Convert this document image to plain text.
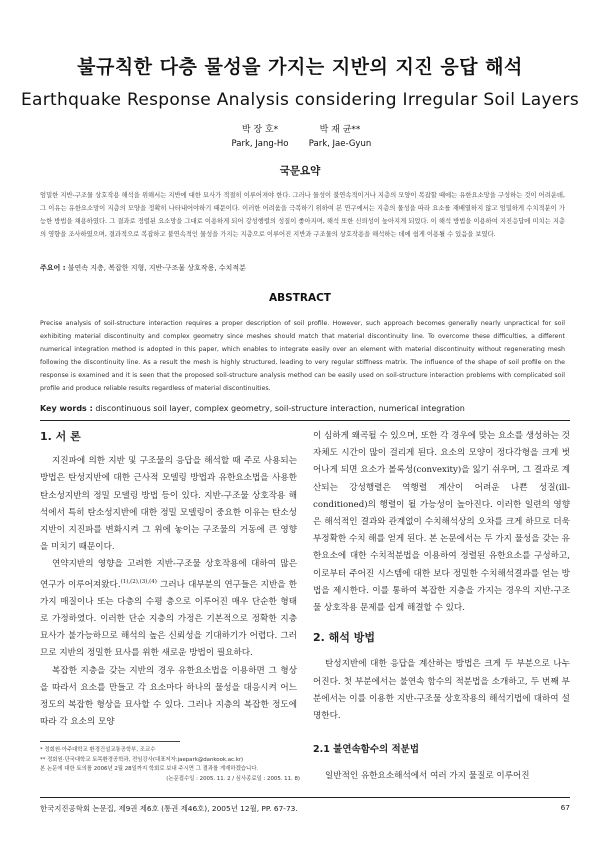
불규칙한 다층 물성을 가지는 지반의 지진 응답 해석
Earthquake Response Analysis considering Irregular Soil Layers
박 장 호*
Park, Jang-Ho
박 재 균**
Park, Jae-Gyun
국문요약
엄밀한 지반-구조물 상호작용 해석을 위해서는 지반에 대한 묘사가 적절히 이루어져야 한다. 그러나 물성이 불연속적이거나 지층의 모양이 복잡할 때에는 유한요소망을 구성하는 것이 어려운데, 그 이유는 유한요소망이 지층의 모양을 정확히 나타내어야하기 때문이다. 이러한 어려움을 극복하기 위하여 본 연구에서는 지층의 물성을 따라 요소를 재배열하지 않고 엄밀하게 수치적분이 가능한 방법을 채용하였다. 그 결과로 정렬된 요소망을 그대로 이용하게 되어 강성행렬의 성질이 좋아지며, 해석 또한 신뢰성이 높아지게 되었다. 이 해석 방법을 이용하여 지진응답에 미치는 지층의 영향을 조사하였으며, 결과적으로 복잡하고 불연속적인 물성을 가지는 지층으로 이루어진 지반과 구조물의 상호작용을 해석하는 데에 쉽게 이용될 수 있음을 보였다.
주요어 : 불연속 지층, 복잡한 지형, 지반-구조물 상호작용, 수치적분
ABSTRACT
Precise analysis of soil-structure interaction requires a proper description of soil profile. However, such approach becomes generally nearly unpractical for soil exhibiting material discontinuity and complex geometry since meshes should match that material discontinuity line. To overcome these difficulties, a different numerical integration method is adopted in this paper, which enables to integrate easily over an element with material discontinuity without regenerating mesh following the discontinuity line. As a result the mesh is highly structured, leading to very regular stiffness matrix. The influence of the shape of soil profile on the response is examined and it is seen that the proposed soil-structure analysis method can be easily used on soil-structure interaction problems with complicated soil profile and produce reliable results regardless of material discontinuities.
Key words : discontinuous soil layer, complex geometry, soil-structure interaction, numerical integration
1. 서 론

지진파에 의한 지반 및 구조물의 응답을 해석할 때 주로 사용되는 방법은 탄성지반에 대한 근사적 모델링 방법과 유한요소법을 사용한 탄소성지반의 정밀 모델링 방법 등이 있다. 지반-구조물 상호작용 해석에서 특히 탄소성지반에 대한 정밀 모델링이 중요한 이유는 탄소성지반이 지진파를 변화시켜 그 위에 놓이는 구조물의 거동에 큰 영향을 미치기 때문이다.

연약지반의 영향을 고려한 지반-구조물 상호작용에 대하여 많은 연구가 이루어져왔다.$^{(1),(2),(3),(4)}$ 그러나 대부분의 연구들은 지반을 한 가지 매질이나 또는 다층의 수평 층으로 이루어진 매우 단순한 형태로 가정하였다. 이러한 단순 지층의 가정은 기본적으로 정확한 지층 묘사가 불가능하므로 해석의 높은 신뢰성을 기대하기가 어렵다. 그러므로 지반의 정밀한 묘사를 위한 새로운 방법이 필요하다.

복잡한 지층을 갖는 지반의 경우 유한요소법을 이용하면 그 형상을 따라서 요소를 만들고 각 요소마다 하나의 물성을 대응시켜 어느 정도의 복잡한 형상을 묘사할 수 있다. 그러나 지층의 복잡한 정도에 따라 각 요소의 모양

* 정회원·아주대학교 환경건설교통공학부, 조교수
** 정회원·단국대학교 토목환경공학과, 전임강사(대표저자:jaepark@dankook.ac.kr)
본 논문에 대한 토의를 2006년 2월 28일까지 학회로 보내 주시면 그 결과를 게재하겠습니다.
(논문접수일 : 2005. 11. 2 / 심사종료일 : 2005. 11. 8)

이 심하게 왜곡될 수 있으며, 또한 각 경우에 맞는 요소를 생성하는 것 자체도 시간이 많이 걸리게 된다. 요소의 모양이 정다각형을 크게 벗어나게 되면 요소가 볼록성(convexity)을 잃기 쉬우며, 그 결과로 계산되는 강성행렬은 역행렬 계산이 어려운 나쁜 성질(ill-conditioned)의 행렬이 될 가능성이 높아진다. 이러한 일련의 영향은 해석적인 결과와 관계없이 수치해석상의 오차를 크게 하므로 더욱 부정확한 수치 해를 얻게 된다. 본 논문에서는 두 가지 물성을 갖는 유한요소에 대한 수치적분법을 이용하여 정렬된 유한요소를 구성하고, 이로부터 주어진 시스템에 대한 보다 정밀한 수치해석결과를 얻는 방법을 제시한다. 이를 통하여 복잡한 지층을 가지는 경우의 지반-구조물 상호작용 문제를 쉽게 해결할 수 있다.

2. 해석 방법

탄성지반에 대한 응답을 계산하는 방법은 크게 두 부분으로 나누어진다. 첫 부분에서는 불연속 함수의 적분법을 소개하고, 두 번째 부분에서는 이를 이용한 지반-구조물 상호작용의 해석기법에 대하여 설명한다.

2.1 불연속함수의 적분법

일반적인 유한요소해석에서 여러 가지 물질로 이루어진

한국지진공학회 논문집, 제9권 제6호 (통권 제46호), 2005년 12월, PP. 67-73.	67
